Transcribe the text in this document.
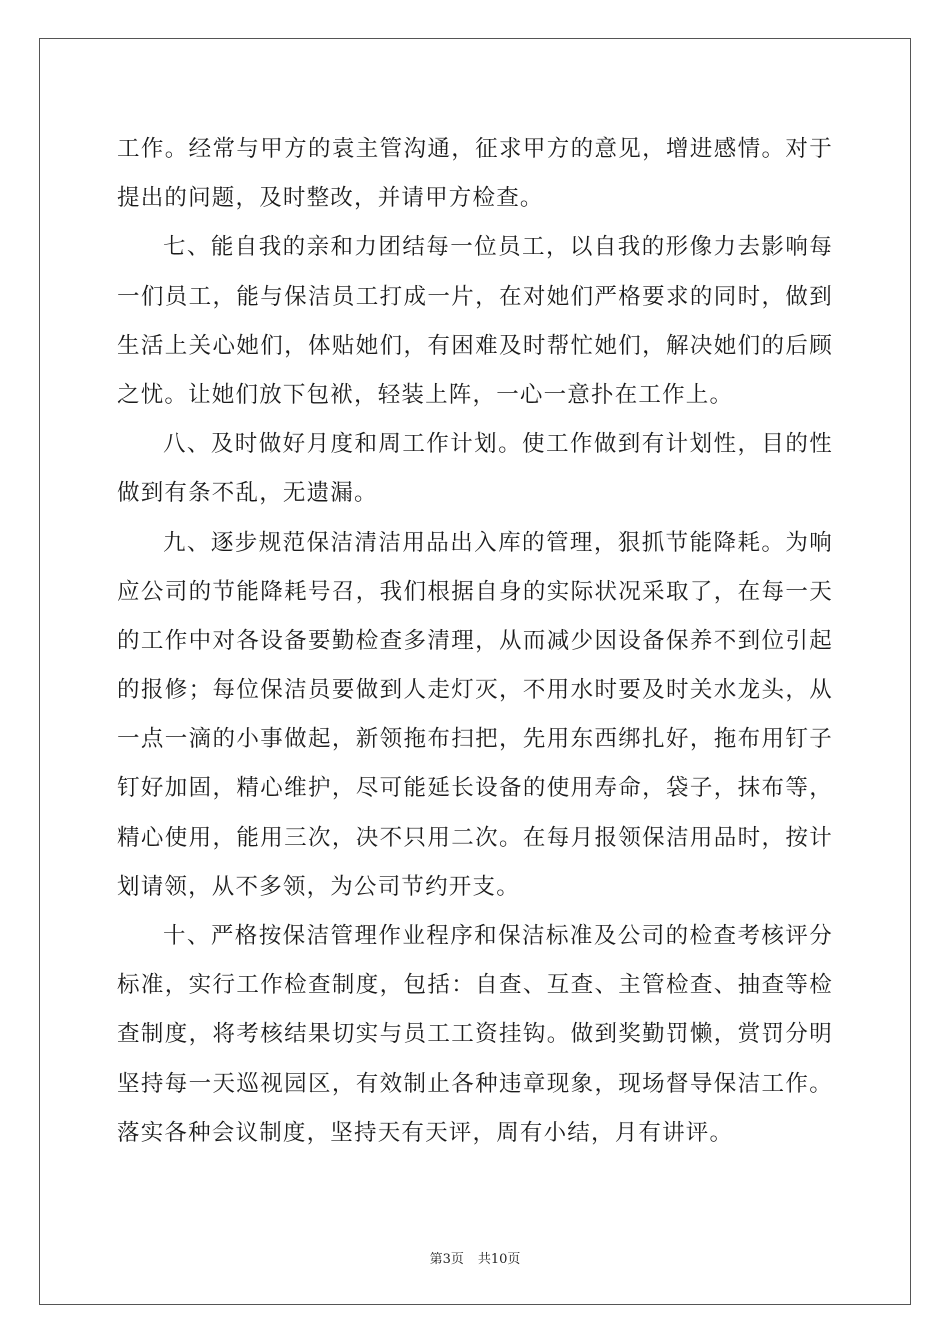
工作。经常与甲方的袁主管沟通，征求甲方的意见，增进感情。对于
提出的问题，及时整改，并请甲方检查。
七、能自我的亲和力团结每一位员工，以自我的形像力去影响每
一们员工，能与保洁员工打成一片，在对她们严格要求的同时，做到
生活上关心她们，体贴她们，有困难及时帮忙她们，解决她们的后顾
之忧。让她们放下包袱，轻装上阵，一心一意扑在工作上。
八、及时做好月度和周工作计划。使工作做到有计划性，目的性
做到有条不乱，无遗漏。
九、逐步规范保洁清洁用品出入库的管理，狠抓节能降耗。为响
应公司的节能降耗号召，我们根据自身的实际状况采取了，在每一天
的工作中对各设备要勤检查多清理，从而减少因设备保养不到位引起
的报修；每位保洁员要做到人走灯灭，不用水时要及时关水龙头，从
一点一滴的小事做起，新领拖布扫把，先用东西绑扎好，拖布用钉子
钉好加固，精心维护，尽可能延长设备的使用寿命，袋子，抹布等，
精心使用，能用三次，决不只用二次。在每月报领保洁用品时，按计
划请领，从不多领，为公司节约开支。
十、严格按保洁管理作业程序和保洁标准及公司的检查考核评分
标准，实行工作检查制度，包括：自查、互查、主管检查、抽查等检
查制度，将考核结果切实与员工工资挂钩。做到奖勤罚懒，赏罚分明
坚持每一天巡视园区，有效制止各种违章现象，现场督导保洁工作。
落实各种会议制度，坚持天有天评，周有小结，月有讲评。
第3页 共10页
